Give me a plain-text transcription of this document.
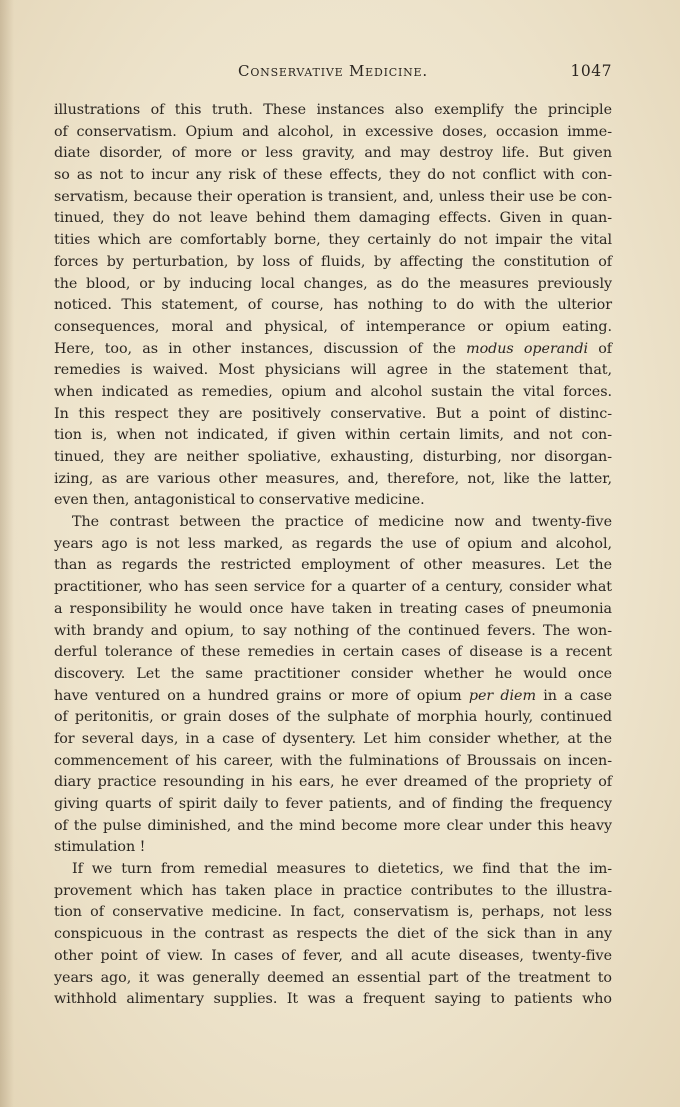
Conservative Medicine.	1047
illustrations of this truth. These instances also exemplify the principle
of conservatism. Opium and alcohol, in excessive doses, occasion imme-
diate disorder, of more or less gravity, and may destroy life. But given
so as not to incur any risk of these effects, they do not conflict with con-
servatism, because their operation is transient, and, unless their use be con-
tinued, they do not leave behind them damaging effects. Given in quan-
tities which are comfortably borne, they certainly do not impair the vital
forces by perturbation, by loss of fluids, by affecting the constitution of
the blood, or by inducing local changes, as do the measures previously
noticed. This statement, of course, has nothing to do with the ulterior
consequences, moral and physical, of intemperance or opium eating.
Here, too, as in other instances, discussion of the modus operandi of
remedies is waived. Most physicians will agree in the statement that,
when indicated as remedies, opium and alcohol sustain the vital forces.
In this respect they are positively conservative. But a point of distinc-
tion is, when not indicated, if given within certain limits, and not con-
tinued, they are neither spoliative, exhausting, disturbing, nor disorgan-
izing, as are various other measures, and, therefore, not, like the latter,
even then, antagonistical to conservative medicine.
The contrast between the practice of medicine now and twenty-five
years ago is not less marked, as regards the use of opium and alcohol,
than as regards the restricted employment of other measures. Let the
practitioner, who has seen service for a quarter of a century, consider what
a responsibility he would once have taken in treating cases of pneumonia
with brandy and opium, to say nothing of the continued fevers. The won-
derful tolerance of these remedies in certain cases of disease is a recent
discovery. Let the same practitioner consider whether he would once
have ventured on a hundred grains or more of opium per diem in a case
of peritonitis, or grain doses of the sulphate of morphia hourly, continued
for several days, in a case of dysentery. Let him consider whether, at the
commencement of his career, with the fulminations of Broussais on incen-
diary practice resounding in his ears, he ever dreamed of the propriety of
giving quarts of spirit daily to fever patients, and of finding the frequency
of the pulse diminished, and the mind become more clear under this heavy
stimulation !
If we turn from remedial measures to dietetics, we find that the im-
provement which has taken place in practice contributes to the illustra-
tion of conservative medicine. In fact, conservatism is, perhaps, not less
conspicuous in the contrast as respects the diet of the sick than in any
other point of view. In cases of fever, and all acute diseases, twenty-five
years ago, it was generally deemed an essential part of the treatment to
withhold alimentary supplies. It was a frequent saying to patients who
